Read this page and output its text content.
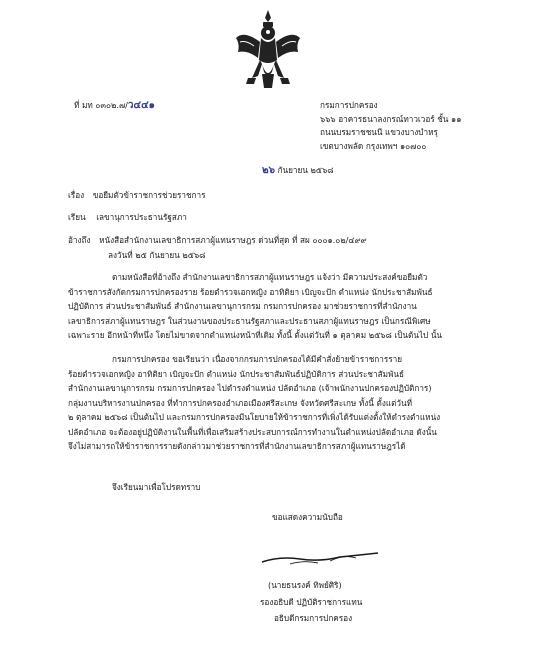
ที่ มท ๐๓๐๒.๗/ว๔๔๑	กรมการปกครอง
๖๖๖ อาคารธนาลงกรณ์ทาวเวอร์ ชั้น ๑๑
ถนนบรมราชชนนี แขวงบางบำหรุ
เขตบางพลัด กรุงเทพฯ ๑๐๗๐๐
๒๖ กันยายน ๒๕๖๘
เรื่อง ขอยืมตัวข้าราชการช่วยราชการ
เรียน เลขานุการประธานรัฐสภา
อ้างถึง หนังสือสำนักงานเลขาธิการสภาผู้แทนราษฎร ด่วนที่สุด ที่ สผ ๐๐๐๑.๐๒/๔๙๙
ลงวันที่ ๒๕ กันยายน ๒๕๖๘
ตามหนังสือที่อ้างถึง สำนักงานเลขาธิการสภาผู้แทนราษฎร แจ้งว่า มีความประสงค์ขอยืมตัว
ข้าราชการสังกัดกรมการปกครองราย ร้อยตำรวจเอกหญิง อาทิติยา เบิญจะปัก ตำแหน่ง นักประชาสัมพันธ์
ปฏิบัติการ ส่วนประชาสัมพันธ์ สำนักงานเลขานุการกรม กรมการปกครอง มาช่วยราชการที่สำนักงาน
เลขาธิการสภาผู้แทนราษฎร ในส่วนงานของประธานรัฐสภาและประธานสภาผู้แทนราษฎร เป็นกรณีพิเศษ
เฉพาะราย อีกหน้าที่หนึ่ง โดยไม่ขาดจากตำแหน่งหน้าที่เดิม ทั้งนี้ ตั้งแต่วันที่ ๑ ตุลาคม ๒๕๖๘ เป็นต้นไป นั้น
กรมการปกครอง ขอเรียนว่า เนื่องจากกรมการปกครองได้มีคำสั่งย้ายข้าราชการราย
ร้อยตำรวจเอกหญิง อาทิติยา เบิญจะปัก ตำแหน่ง นักประชาสัมพันธ์ปฏิบัติการ ส่วนประชาสัมพันธ์
สำนักงานเลขานุการกรม กรมการปกครอง ไปดำรงตำแหน่ง ปลัดอำเภอ (เจ้าพนักงานปกครองปฏิบัติการ)
กลุ่มงานบริหารงานปกครอง ที่ทำการปกครองอำเภอเมืองศรีสะเกษ จังหวัดศรีสะเกษ ทั้งนี้ ตั้งแต่วันที่
๒ ตุลาคม ๒๕๖๘ เป็นต้นไป และกรมการปกครองมีนโยบายให้ข้าราชการที่เพิ่งได้รับแต่งตั้งให้ดำรงตำแหน่ง
ปลัดอำเภอ จะต้องอยู่ปฏิบัติงานในพื้นที่เพื่อเสริมสร้างประสบการณ์การทำงานในตำแหน่งปลัดอำเภอ ดังนั้น
จึงไม่สามารถให้ข้าราชการรายดังกล่าวมาช่วยราชการที่สำนักงานเลขาธิการสภาผู้แทนราษฎรได้
จึงเรียนมาเพื่อโปรดทราบ
ขอแสดงความนับถือ
(นายธนรงค์ ทิพย์ศิริ)
รองอธิบดี ปฏิบัติราชการแทน
อธิบดีกรมการปกครอง
